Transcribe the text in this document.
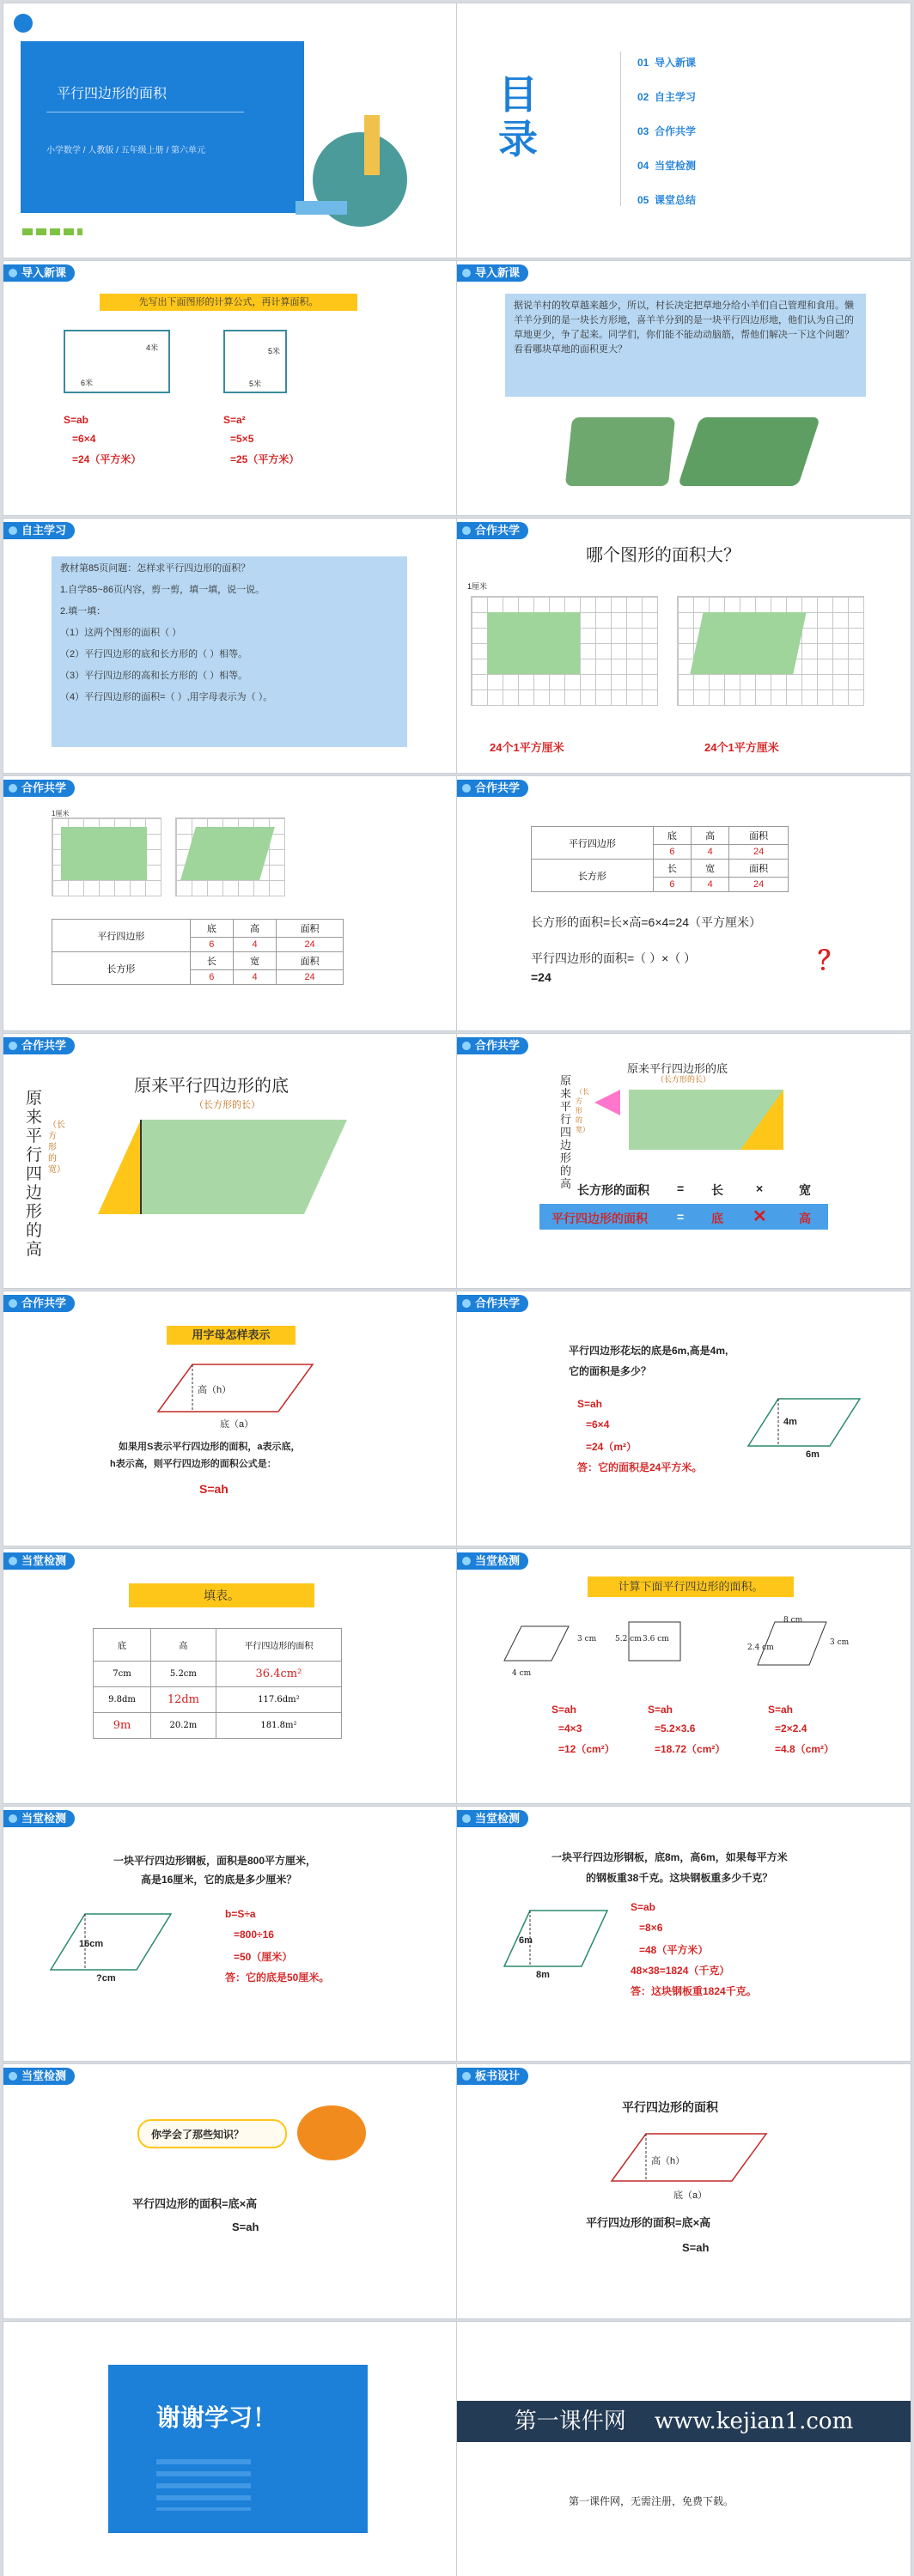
平行四边形的面积
小学数学 / 人教版 / 五年级上册 / 第六单元
目
录
01 导入新课
02 自主学习
03 合作共学
04 当堂检测
05 课堂总结
导入新课
先写出下面图形的计算公式，再计算面积。
4米
6米
5米
5米
S=ab
=6×4
=24（平方米）
S=a²
=5×5
=25（平方米）
导入新课
据说羊村的牧草越来越少，所以，村长决定把草地分给小羊们自己管理和食用。懒羊羊分到的是一块长方形地，喜羊羊分到的是一块平行四边形地，他们认为自己的草地更少，争了起来。同学们，你们能不能动动脑筋，帮他们解决一下这个问题？看看哪块草地的面积更大？
自主学习
教材第85页问题：怎样求平行四边形的面积？
1.自学85~86页内容，剪一剪，填一填，说一说。
2.填一填：
（1）这两个图形的面积（ ）
（2）平行四边形的底和长方形的（ ）相等。
（3）平行四边形的高和长方形的（ ）相等。
（4）平行四边形的面积=（ ）,用字母表示为（ ）。
合作共学
哪个图形的面积大？
1厘米
24个1平方厘米	24个1平方厘米
合作共学
1厘米
平行四边形	底	高	面积
	6	4	24
长方形	长	宽	面积
	6	4	24
合作共学
平行四边形	底	高	面积
	6	4	24
长方形	长	宽	面积
	6	4	24
长方形的面积=长×高=6×4=24（平方厘米）
平行四边形的面积=（ ）×（ ）
=24
？
合作共学
原来平行四边形的底
（长方形的长）
原来平行四边形的高
（长方形的宽）
合作共学
原来平行四边形的底
（长方形的长）
原来平行四边形的高
（长方形的宽）
长方形的面积 = 长	×	宽
平行四边形的面积 = 底 ✕	高
合作共学
用字母怎样表示
高（h）
底（a）
如果用S表示平行四边形的面积，a表示底，
h表示高，则平行四边形的面积公式是：
S=ah
合作共学
平行四边形花坛的底是6m,高是4m,
它的面积是多少？
S=ah
=6×4
=24（m²）
答：它的面积是24平方米。
4m
6m
当堂检测
填表。
底	高	平行四边形的面积
7cm	5.2cm	36.4cm²
9.8dm	12dm	117.6dm²
9m	20.2m	181.8m²
当堂检测
计算下面平行四边形的面积。
4 cm
3 cm 5.2 cm 3.6 cm
2.4 cm
3 cm
8 cm
S=ah
=4×3
=12（cm²）
S=ah
=5.2×3.6
=18.72（cm²）
S=ah
=2×2.4
=4.8（cm²）
当堂检测
一块平行四边形钢板，面积是800平方厘米，
高是16厘米，它的底是多少厘米？
16cm
?cm
b=S÷a
=800÷16
=50（厘米）
答：它的底是50厘米。
当堂检测
一块平行四边形钢板，底8m，高6m，如果每平方米
的钢板重38千克。这块钢板重多少千克？
6m
8m
S=ab
=8×6
=48（平方米）
48×38=1824（千克）
答：这块钢板重1824千克。
当堂检测
你学会了那些知识？
平行四边形的面积=底×高
S=ah
板书设计
平行四边形的面积
高（h）
底（a）
平行四边形的面积=底×高
S=ah
谢谢学习！	第一课件网 www.kejian1.com
第一课件网，无需注册，免费下载。
